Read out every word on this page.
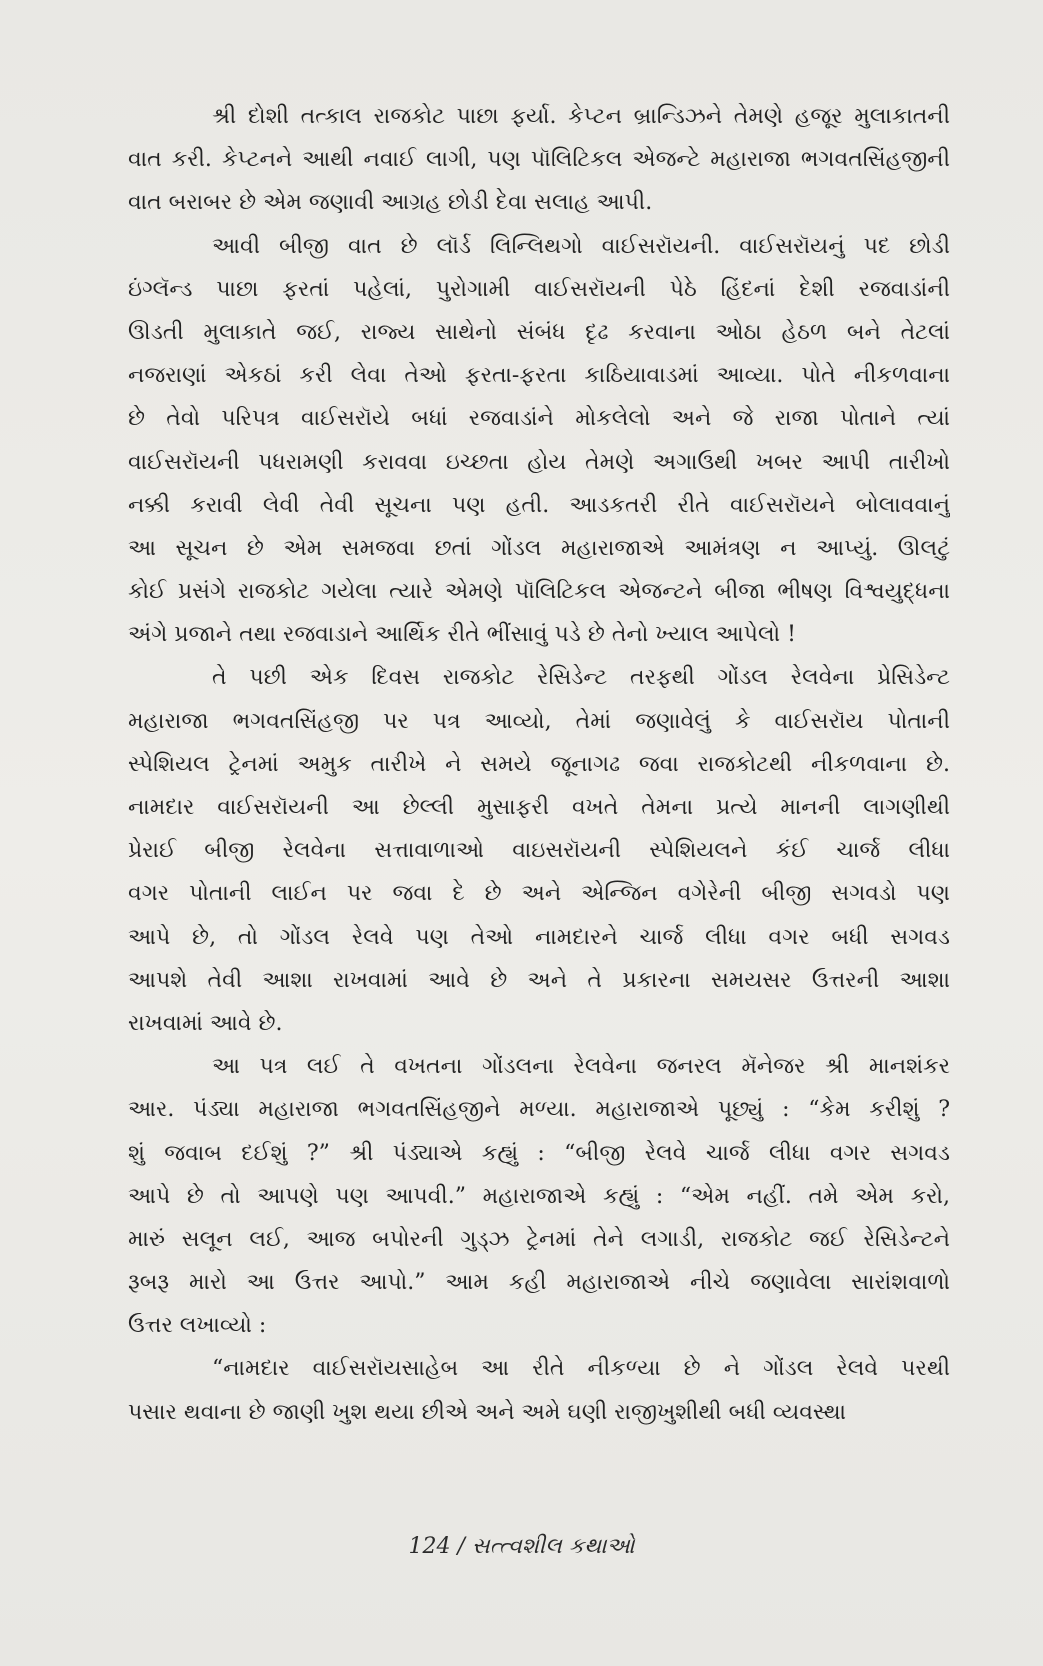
શ્રી દોશી તત્કાલ રાજકોટ પાછા ફર્યા. કેપ્ટન બ્રાન્ડિઝને તેમણે હજૂર મુલાકાતની
વાત કરી. કેપ્ટનને આથી નવાઈ લાગી, પણ પૉલિટિકલ એજન્ટે મહારાજા ભગવતસિંહજીની
વાત બરાબર છે એમ જણાવી આગ્રહ છોડી દેવા સલાહ આપી.
આવી બીજી વાત છે લૉર્ડ લિન્લિથગો વાઈસરૉયની. વાઈસરૉયનું પદ છોડી
ઇંગ્લૅન્ડ પાછા ફરતાં પહેલાં, પુરોગામી વાઈસરૉયની પેઠે હિંદનાં દેશી રજવાડાંની
ઊડતી મુલાકાતે જઈ, રાજ્ય સાથેનો સંબંધ દૃઢ કરવાના ઓઠા હેઠળ બને તેટલાં
નજરાણાં એકઠાં કરી લેવા તેઓ ફરતા-ફરતા કાઠિયાવાડમાં આવ્યા. પોતે નીકળવાના
છે તેવો પરિપત્ર વાઈસરૉયે બધાં રજવાડાંને મોકલેલો અને જે રાજા પોતાને ત્યાં
વાઈસરૉયની પધરામણી કરાવવા ઇચ્છતા હોય તેમણે અગાઉથી ખબર આપી તારીખો
નક્કી કરાવી લેવી તેવી સૂચના પણ હતી. આડકતરી રીતે વાઈસરૉયને બોલાવવાનું
આ સૂચન છે એમ સમજવા છતાં ગોંડલ મહારાજાએ આમંત્રણ ન આપ્યું. ઊલટું
કોઈ પ્રસંગે રાજકોટ ગયેલા ત્યારે એમણે પૉલિટિકલ એજન્ટને બીજા ભીષણ વિશ્વયુદ્ધના
અંગે પ્રજાને તથા રજવાડાને આર્થિક રીતે ભીંસાવું પડે છે તેનો ખ્યાલ આપેલો !
તે પછી એક દિવસ રાજકોટ રેસિડેન્ટ તરફથી ગોંડલ રેલવેના પ્રેસિડેન્ટ
મહારાજા ભગવતસિંહજી પર પત્ર આવ્યો, તેમાં જણાવેલું કે વાઈસરૉય પોતાની
સ્પેશિયલ ટ્રેનમાં અમુક તારીખે ને સમયે જૂનાગઢ જવા રાજકોટથી નીકળવાના છે.
નામદાર વાઈસરૉયની આ છેલ્લી મુસાફરી વખતે તેમના પ્રત્યે માનની લાગણીથી
પ્રેરાઈ બીજી રેલવેના સત્તાવાળાઓ વાઇસરૉયની સ્પેશિયલને કંઈ ચાર્જ લીધા
વગર પોતાની લાઈન પર જવા દે છે અને એન્જિન વગેરેની બીજી સગવડો પણ
આપે છે, તો ગોંડલ રેલવે પણ તેઓ નામદારને ચાર્જ લીધા વગર બધી સગવડ
આપશે તેવી આશા રાખવામાં આવે છે અને તે પ્રકારના સમયસર ઉત્તરની આશા
રાખવામાં આવે છે.
આ પત્ર લઈ તે વખતના ગોંડલના રેલવેના જનરલ મૅનેજર શ્રી માનશંકર
આર. પંડ્યા મહારાજા ભગવતસિંહજીને મળ્યા. મહારાજાએ પૂછ્યું : “કેમ કરીશું ?
શું જવાબ દઈશું ?” શ્રી પંડ્યાએ કહ્યું : “બીજી રેલવે ચાર્જ લીધા વગર સગવડ
આપે છે તો આપણે પણ આપવી.” મહારાજાએ કહ્યું : “એમ નહીં. તમે એમ કરો,
મારું સલૂન લઈ, આજ બપોરની ગુડ્ઝ ટ્રેનમાં તેને લગાડી, રાજકોટ જઈ રેસિડેન્ટને
રૂબરૂ મારો આ ઉત્તર આપો.” આમ કહી મહારાજાએ નીચે જણાવેલા સારાંશવાળો
ઉત્તર લખાવ્યો :
“નામદાર વાઈસરૉયસાહેબ આ રીતે નીકળ્યા છે ને ગોંડલ રેલવે પરથી
પસાર થવાના છે જાણી ખુશ થયા છીએ અને અમે ઘણી રાજીખુશીથી બધી વ્યવસ્થા
124 / સત્ત્વશીલ કથાઓ
